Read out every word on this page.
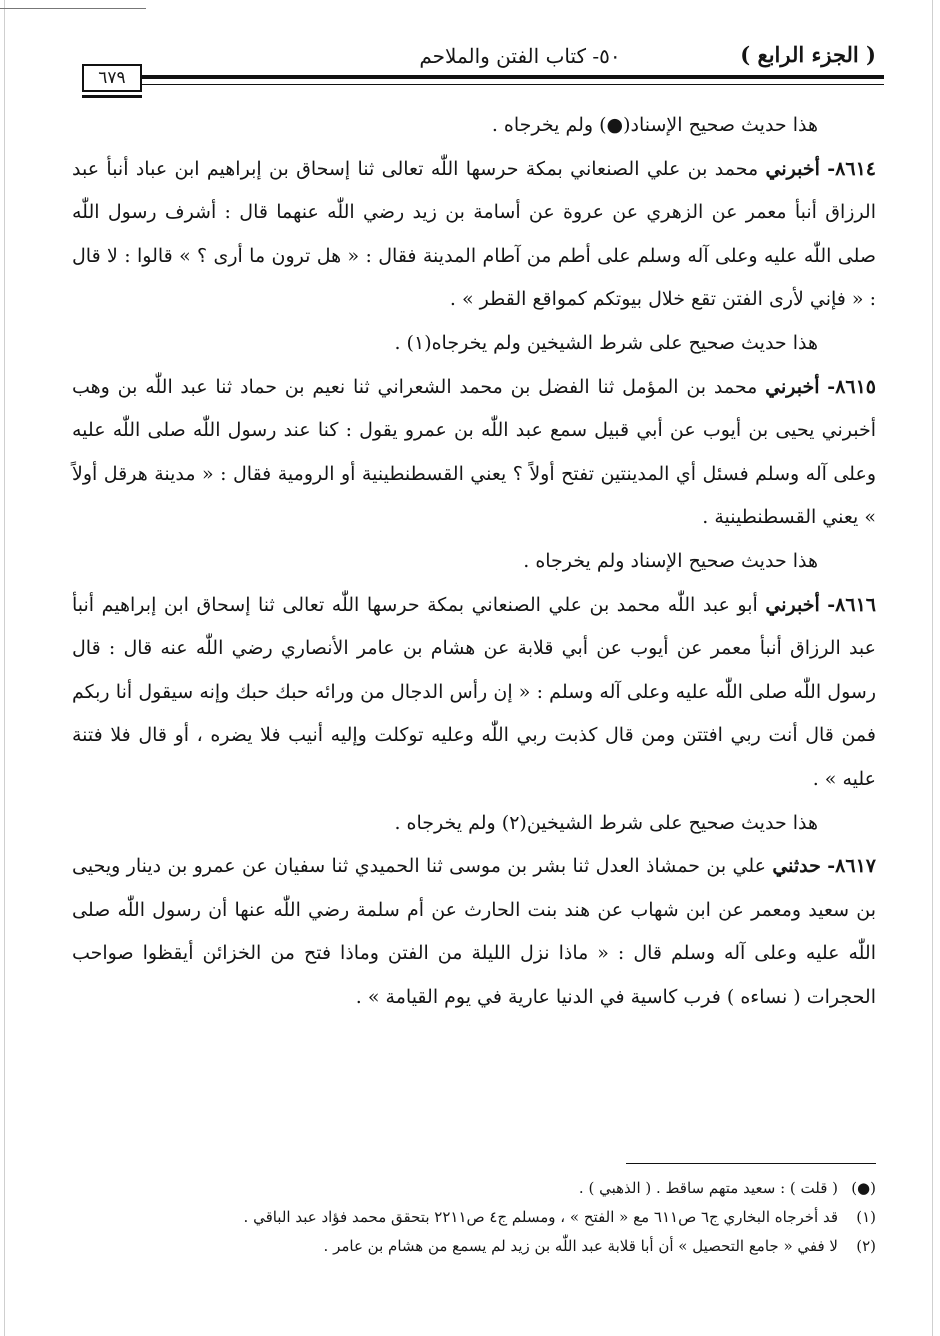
( الجزء الرابع )
٥٠- كتاب الفتن والملاحم
٦٧٩

هذا حديث صحيح الإسناد(●) ولم يخرجاه .

٨٦١٤- أخبرني محمد بن علي الصنعاني بمكة حرسها اللّٰه تعالى ثنا إسحاق بن إبراهيم ابن عباد أنبأ عبد الرزاق أنبأ معمر عن الزهري عن عروة عن أسامة بن زيد رضي اللّٰه عنهما قال : أشرف رسول اللّٰه صلى اللّٰه عليه وعلى آله وسلم على أطم من آطام المدينة فقال : « هل ترون ما أرى ؟ » قالوا : لا قال : « فإني لأرى الفتن تقع خلال بيوتكم كمواقع القطر » .

هذا حديث صحيح على شرط الشيخين ولم يخرجاه(١) .

٨٦١٥- أخبرني محمد بن المؤمل ثنا الفضل بن محمد الشعراني ثنا نعيم بن حماد ثنا عبد اللّٰه بن وهب أخبرني يحيى بن أيوب عن أبي قبيل سمع عبد اللّٰه بن عمرو يقول : كنا عند رسول اللّٰه صلى اللّٰه عليه وعلى آله وسلم فسئل أي المدينتين تفتح أولاً ؟ يعني القسطنطينية أو الرومية فقال : « مدينة هرقل أولاً » يعني القسطنطينية .

هذا حديث صحيح الإسناد ولم يخرجاه .

٨٦١٦- أخبرني أبو عبد اللّٰه محمد بن علي الصنعاني بمكة حرسها اللّٰه تعالى ثنا إسحاق ابن إبراهيم أنبأ عبد الرزاق أنبأ معمر عن أيوب عن أبي قلابة عن هشام بن عامر الأنصاري رضي اللّٰه عنه قال : قال رسول اللّٰه صلى اللّٰه عليه وعلى آله وسلم : « إن رأس الدجال من ورائه حبك حبك وإنه سيقول أنا ربكم فمن قال أنت ربي افتتن ومن قال كذبت ربي اللّٰه وعليه توكلت وإليه أنيب فلا يضره ، أو قال فلا فتنة عليه » .

هذا حديث صحيح على شرط الشيخين(٢) ولم يخرجاه .

٨٦١٧- حدثني علي بن حمشاذ العدل ثنا بشر بن موسى ثنا الحميدي ثنا سفيان عن عمرو بن دينار ويحيى بن سعيد ومعمر عن ابن شهاب عن هند بنت الحارث عن أم سلمة رضي اللّٰه عنها أن رسول اللّٰه صلى اللّٰه عليه وعلى آله وسلم قال : « ماذا نزل الليلة من الفتن وماذا فتح من الخزائن أيقظوا صواحب الحجرات ( نساءه ) فرب كاسية في الدنيا عارية في يوم القيامة » .

(●)( قلت ) : سعيد متهم ساقط . ( الذهبي ) .

(١)قد أخرجاه البخاري ج٦ ص٦١١ مع « الفتح » ، ومسلم ج٤ ص٢٢١١ بتحقق محمد فؤاد عبد الباقي .

(٢)لا ففي « جامع التحصيل » أن أبا قلابة عبد اللّٰه بن زيد لم يسمع من هشام بن عامر .
